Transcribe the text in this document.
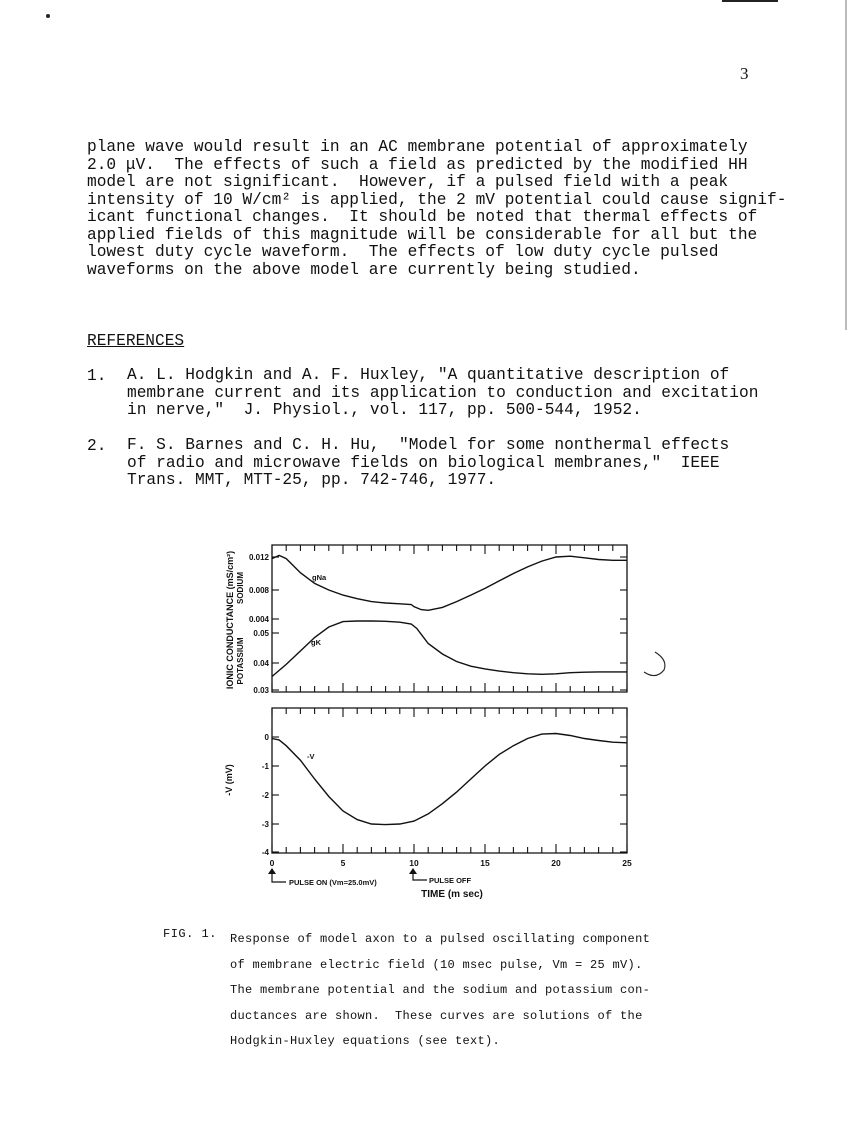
3
plane wave would result in an AC membrane potential of approximately
2.0 μV.  The effects of such a field as predicted by the modified HH
model are not significant.  However, if a pulsed field with a peak
intensity of 10 W/cm² is applied, the 2 mV potential could cause signif-
icant functional changes.  It should be noted that thermal effects of
applied fields of this magnitude will be considerable for all but the
lowest duty cycle waveform.  The effects of low duty cycle pulsed
waveforms on the above model are currently being studied.
REFERENCES
1. A. L. Hodgkin and A. F. Huxley, "A quantitative description of
membrane current and its application to conduction and excitation
in nerve,"  J. Physiol., vol. 117, pp. 500-544, 1952.
2. F. S. Barnes and C. H. Hu,  "Model for some nonthermal effects
of radio and microwave fields on biological membranes,"  IEEE
Trans. MMT, MTT-25, pp. 742-746, 1977.
0	5	10	15	20	25
0.012
0.008
0.004
0.05
0.04
0.03
0
-1
-2
-3
-4
gNa
gK
-V
IONIC CONDUCTANCE (mS/cm²) SODIUM
POTASSIUM
-V (mV)
PULSE ON (Vm=25.0mV)	PULSE OFF
TIME (m sec)
FIG. 1. Response of model axon to a pulsed oscillating component
of membrane electric field (10 msec pulse, Vm = 25 mV).
The membrane potential and the sodium and potassium con-
ductances are shown.  These curves are solutions of the
Hodgkin-Huxley equations (see text).
